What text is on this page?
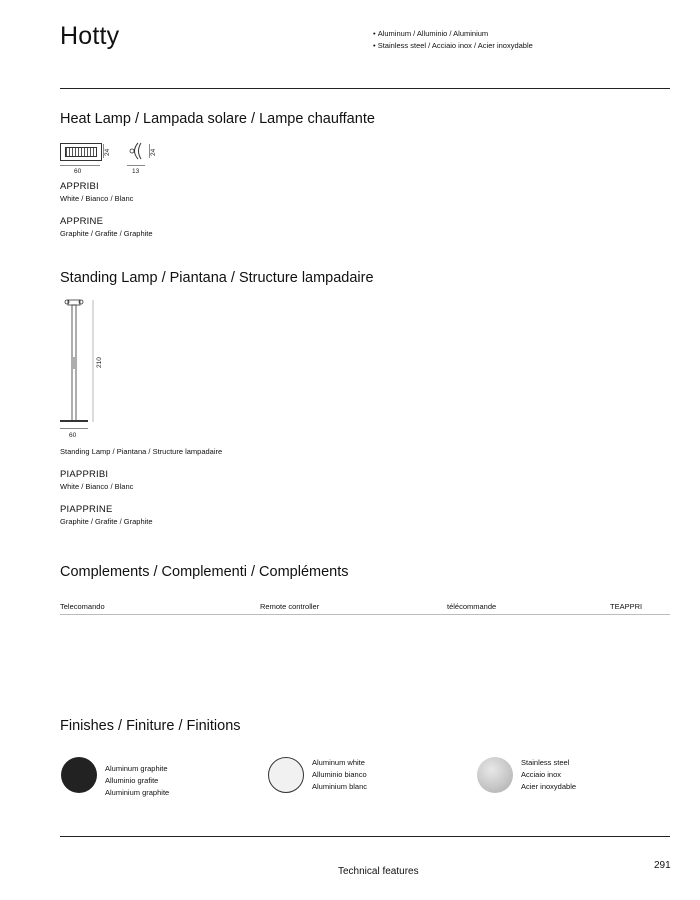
Hotty
•	Aluminum / Alluminio / Aluminium
• Stainless steel / Acciaio inox / Acier inoxydable
Heat Lamp / Lampada solare / Lampe chauffante
24
60
24
13
APPRIBI
White / Bianco / Blanc
APPRINE
Graphite / Grafite / Graphite
Standing Lamp / Piantana / Structure lampadaire
210
60
Standing Lamp / Piantana / Structure lampadaire
PIAPPRIBI
White / Bianco / Blanc
PIAPPRINE
Graphite / Grafite / Graphite
Complements / Complementi / Compléments
Telecomando	Remote controller	télécommande	TEAPPRI
Finishes / Finiture / Finitions
Aluminum graphite
Alluminio grafite
Aluminium graphite
Aluminum white
Alluminio bianco
Aluminium blanc
Stainless steel
Acciaio inox
Acier inoxydable
Technical features
291
